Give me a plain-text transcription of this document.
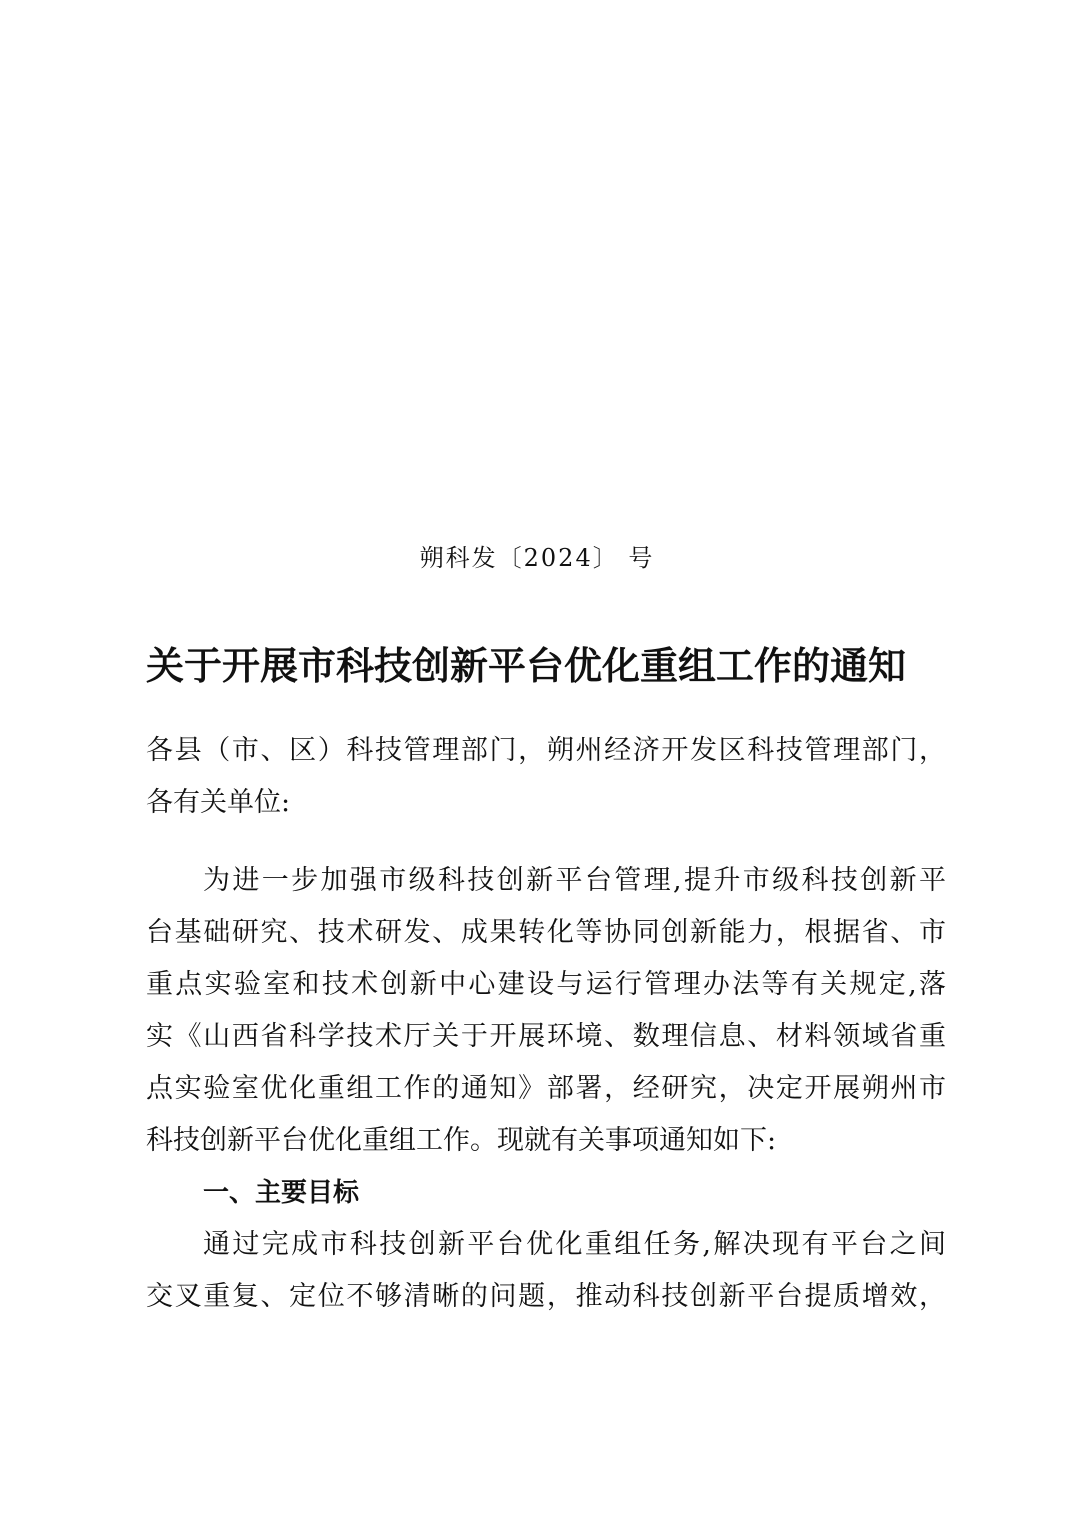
朔科发〔2024〕 号
关于开展市科技创新平台优化重组工作的通知
各县（市、区）科技管理部门，朔州经济开发区科技管理部门，
各有关单位:
为进一步加强市级科技创新平台管理,提升市级科技创新平
台基础研究、技术研发、成果转化等协同创新能力，根据省、市
重点实验室和技术创新中心建设与运行管理办法等有关规定,落
实《山西省科学技术厅关于开展环境、数理信息、材料领域省重
点实验室优化重组工作的通知》部署，经研究，决定开展朔州市
科技创新平台优化重组工作。现就有关事项通知如下:
一、主要目标
通过完成市科技创新平台优化重组任务,解决现有平台之间
交叉重复、定位不够清晰的问题，推动科技创新平台提质增效，
